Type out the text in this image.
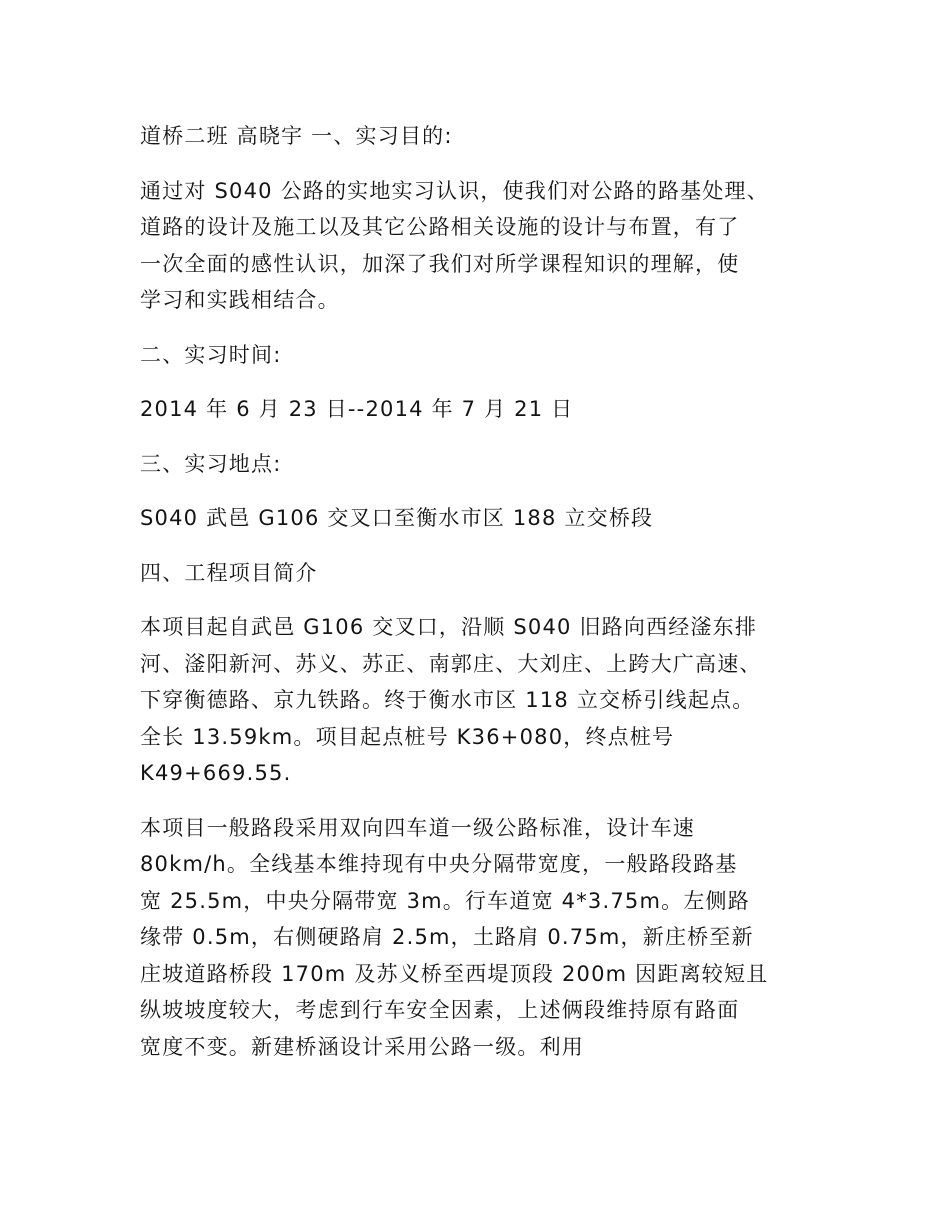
道桥二班 高晓宇 一、实习目的:

通过对 S040 公路的实地实习认识，使我们对公路的路基处理、
道路的设计及施工以及其它公路相关设施的设计与布置，有了
一次全面的感性认识，加深了我们对所学课程知识的理解，使
学习和实践相结合。

二、实习时间:

2014 年 6 月 23 日--2014 年 7 月 21 日

三、实习地点:

S040 武邑 G106 交叉口至衡水市区 188 立交桥段

四、工程项目简介

本项目起自武邑 G106 交叉口，沿顺 S040 旧路向西经滏东排
河、滏阳新河、苏义、苏正、南郭庄、大刘庄、上跨大广高速、
下穿衡德路、京九铁路。终于衡水市区 118 立交桥引线起点。
全长 13.59km。项目起点桩号 K36+080，终点桩号
K49+669.55.

本项目一般路段采用双向四车道一级公路标准，设计车速
80km/h。全线基本维持现有中央分隔带宽度，一般路段路基
宽 25.5m，中央分隔带宽 3m。行车道宽 4*3.75m。左侧路
缘带 0.5m，右侧硬路肩 2.5m，土路肩 0.75m，新庄桥至新
庄坡道路桥段 170m 及苏义桥至西堤顶段 200m 因距离较短且
纵坡坡度较大，考虑到行车安全因素，上述俩段维持原有路面
宽度不变。新建桥涵设计采用公路一级。利用
